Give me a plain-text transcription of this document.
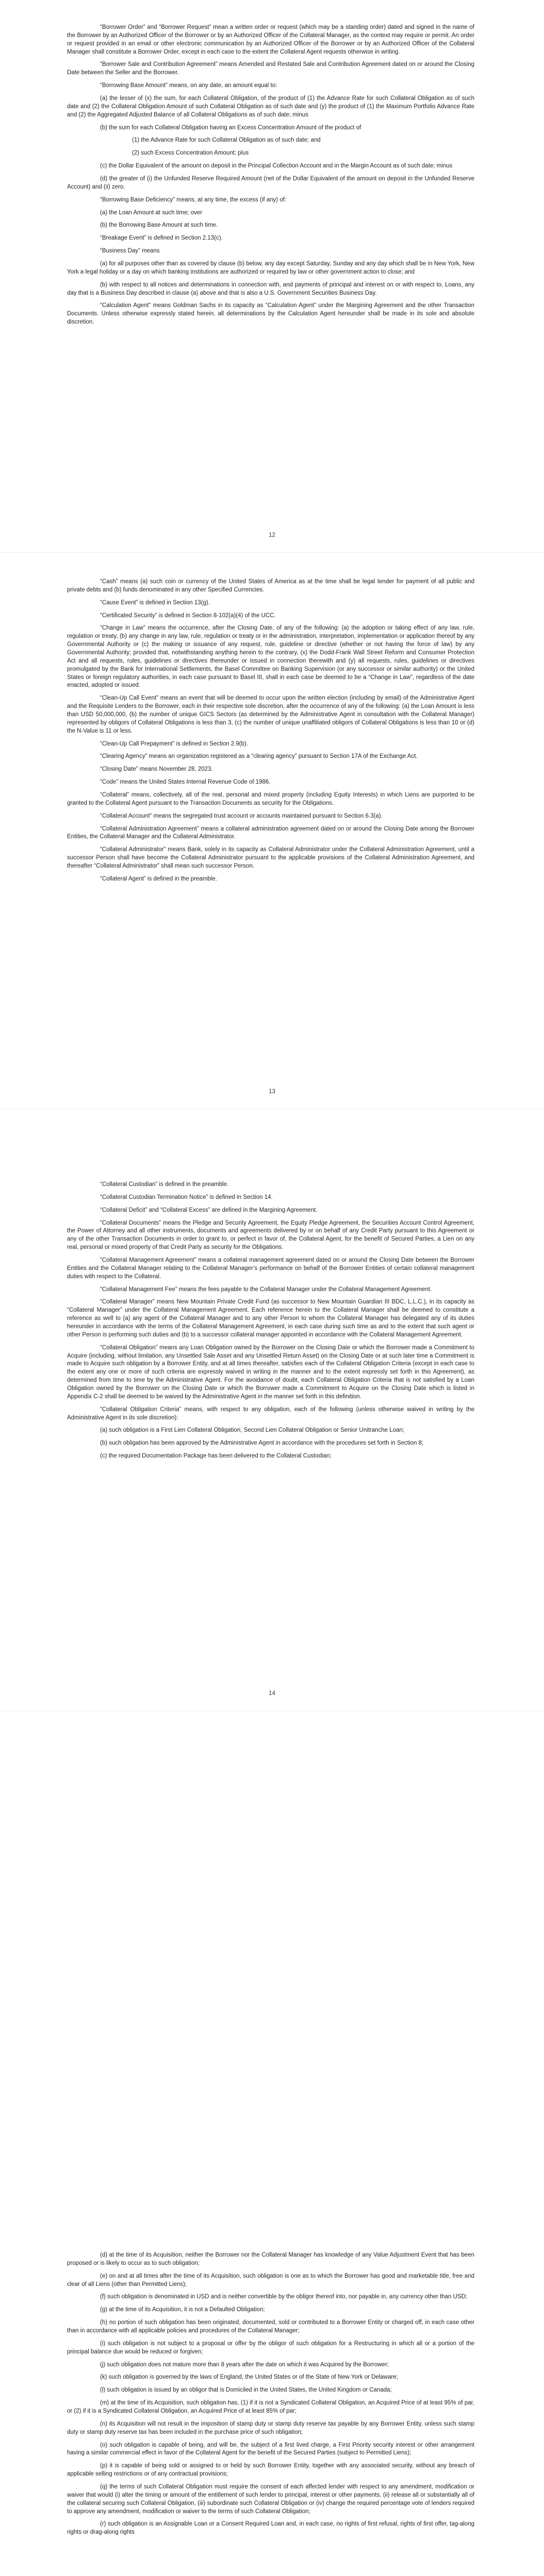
“Borrower Order” and “Borrower Request” mean a written order or request (which may be a standing order) dated and signed in the name of the Borrower by an Authorized Officer of the Borrower or by an Authorized Officer of the Collateral Manager, as the context may require or permit. An order or request provided in an email or other electronic communication by an Authorized Officer of the Borrower or by an Authorized Officer of the Collateral Manager shall constitute a Borrower Order, except in each case to the extent the Collateral Agent requests otherwise in writing.

“Borrower Sale and Contribution Agreement” means Amended and Restated Sale and Contribution Agreement dated on or around the Closing Date between the Seller and the Borrower.

“Borrowing Base Amount” means, on any date, an amount equal to:

(a) the lesser of (x) the sum, for each Collateral Obligation, of the product of (1) the Advance Rate for such Collateral Obligation as of such date and (2) the Collateral Obligation Amount of such Collateral Obligation as of such date and (y) the product of (1) the Maximum Portfolio Advance Rate and (2) the Aggregated Adjusted Balance of all Collateral Obligations as of such date; minus

(b) the sum for each Collateral Obligation having an Excess Concentration Amount of the product of

(1) the Advance Rate for such Collateral Obligation as of such date; and

(2) such Excess Concentration Amount; plus

(c) the Dollar Equivalent of the amount on deposit in the Principal Collection Account and in the Margin Account as of such date; minus

(d) the greater of (i) the Unfunded Reserve Required Amount (net of the Dollar Equivalent of the amount on deposit in the Unfunded Reserve Account) and (ii) zero.

“Borrowing Base Deficiency” means, at any time, the excess (if any) of:

(a) the Loan Amount at such time; over

(b) the Borrowing Base Amount at such time.

“Breakage Event” is defined in Section 2.13(c).

“Business Day” means

(a) for all purposes other than as covered by clause (b) below, any day except Saturday, Sunday and any day which shall be in New York, New York a legal holiday or a day on which banking institutions are authorized or required by law or other government action to close; and

(b) with respect to all notices and determinations in connection with, and payments of principal and interest on or with respect to, Loans, any day that is a Business Day described in clause (a) above and that is also a U.S. Government Securities Business Day.

“Calculation Agent” means Goldman Sachs in its capacity as “Calculation Agent” under the Margining Agreement and the other Transaction Documents. Unless otherwise expressly stated herein, all determinations by the Calculation Agent hereunder shall be made in its sole and absolute discretion.

12

“Cash” means (a) such coin or currency of the United States of America as at the time shall be legal tender for payment of all public and private debts and (b) funds denominated in any other Specified Currencies.

“Cause Event” is defined in Section 13(g).

“Certificated Security” is defined in Section 8-102(a)(4) of the UCC.

“Change in Law” means the occurrence, after the Closing Date, of any of the following: (a) the adoption or taking effect of any law, rule, regulation or treaty, (b) any change in any law, rule, regulation or treaty or in the administration, interpretation, implementation or application thereof by any Governmental Authority or (c) the making or issuance of any request, rule, guideline or directive (whether or not having the force of law) by any Governmental Authority; provided that, notwithstanding anything herein to the contrary, (x) the Dodd-Frank Wall Street Reform and Consumer Protection Act and all requests, rules, guidelines or directives thereunder or issued in connection therewith and (y) all requests, rules, guidelines or directives promulgated by the Bank for International Settlements, the Basel Committee on Banking Supervision (or any successor or similar authority) or the United States or foreign regulatory authorities, in each case pursuant to Basel III, shall in each case be deemed to be a “Change in Law”, regardless of the date enacted, adopted or issued.

“Clean-Up Call Event” means an event that will be deemed to occur upon the written election (including by email) of the Administrative Agent and the Requisite Lenders to the Borrower, each in their respective sole discretion, after the occurrence of any of the following: (a) the Loan Amount is less than USD 50,000,000, (b) the number of unique GICS Sectors (as determined by the Administrative Agent in consultation with the Collateral Manager) represented by obligors of Collateral Obligations is less than 3, (c) the number of unique unaffiliated obligors of Collateral Obligations is less than 10 or (d) the N-Value is 11 or less.

“Clean-Up Call Prepayment” is defined in Section 2.9(b).

“Clearing Agency” means an organization registered as a “clearing agency” pursuant to Section 17A of the Exchange Act.

“Closing Date” means November 28, 2023.

“Code” means the United States Internal Revenue Code of 1986.

“Collateral” means, collectively, all of the real, personal and mixed property (including Equity Interests) in which Liens are purported to be granted to the Collateral Agent pursuant to the Transaction Documents as security for the Obligations.

“Collateral Account” means the segregated trust account or accounts maintained pursuant to Section 6.3(a).

“Collateral Administration Agreement” means a collateral administration agreement dated on or around the Closing Date among the Borrower Entities, the Collateral Manager and the Collateral Administrator.

“Collateral Administrator” means Bank, solely in its capacity as Collateral Administrator under the Collateral Administration Agreement, until a successor Person shall have become the Collateral Administrator pursuant to the applicable provisions of the Collateral Administration Agreement, and thereafter “Collateral Administrator” shall mean such successor Person.

“Collateral Agent” is defined in the preamble.

13

“Collateral Custodian” is defined in the preamble.

“Collateral Custodian Termination Notice” is defined in Section 14.

“Collateral Deficit” and “Collateral Excess” are defined in the Margining Agreement.

“Collateral Documents” means the Pledge and Security Agreement, the Equity Pledge Agreement, the Securities Account Control Agreement, the Power of Attorney and all other instruments, documents and agreements delivered by or on behalf of any Credit Party pursuant to this Agreement or any of the other Transaction Documents in order to grant to, or perfect in favor of, the Collateral Agent, for the benefit of Secured Parties, a Lien on any real, personal or mixed property of that Credit Party as security for the Obligations.

“Collateral Management Agreement” means a collateral management agreement dated on or around the Closing Date between the Borrower Entities and the Collateral Manager relating to the Collateral Manager’s performance on behalf of the Borrower Entities of certain collateral management duties with respect to the Collateral.

“Collateral Management Fee” means the fees payable to the Collateral Manager under the Collateral Management Agreement.

“Collateral Manager” means New Mountain Private Credit Fund (as successor to New Mountain Guardian III BDC, L.L.C.), in its capacity as “Collateral Manager” under the Collateral Management Agreement. Each reference herein to the Collateral Manager shall be deemed to constitute a reference as well to (a) any agent of the Collateral Manager and to any other Person to whom the Collateral Manager has delegated any of its duties hereunder in accordance with the terms of the Collateral Management Agreement, in each case during such time as and to the extent that such agent or other Person is performing such duties and (b) to a successor collateral manager appointed in accordance with the Collateral Management Agreement.

“Collateral Obligation” means any Loan Obligation owned by the Borrower on the Closing Date or which the Borrower made a Commitment to Acquire (including, without limitation, any Unsettled Sale Asset and any Unsettled Return Asset) on the Closing Date or at such later time a Commitment is made to Acquire such obligation by a Borrower Entity, and at all times thereafter, satisfies each of the Collateral Obligation Criteria (except in each case to the extent any one or more of such criteria are expressly waived in writing in the manner and to the extent expressly set forth in this Agreement), as determined from time to time by the Administrative Agent. For the avoidance of doubt, each Collateral Obligation Criteria that is not satisfied by a Loan Obligation owned by the Borrower on the Closing Date or which the Borrower made a Commitment to Acquire on the Closing Date which is listed in Appendix C-2 shall be deemed to be waived by the Administrative Agent in the manner set forth in this definition.

“Collateral Obligation Criteria” means, with respect to any obligation, each of the following (unless otherwise waived in writing by the Administrative Agent in its sole discretion):

(a) such obligation is a First Lien Collateral Obligation, Second Lien Collateral Obligation or Senior Unitranche Loan;

(b) such obligation has been approved by the Administrative Agent in accordance with the procedures set forth in Section 8;

(c) the required Documentation Package has been delivered to the Collateral Custodian;

14

(d) at the time of its Acquisition, neither the Borrower nor the Collateral Manager has knowledge of any Value Adjustment Event that has been proposed or is likely to occur as to such obligation;

(e) on and at all times after the time of its Acquisition, such obligation is one as to which the Borrower has good and marketable title, free and clear of all Liens (other than Permitted Liens);

(f) such obligation is denominated in USD and is neither convertible by the obligor thereof into, nor payable in, any currency other than USD;

(g) at the time of its Acquisition, it is not a Defaulted Obligation;

(h) no portion of such obligation has been originated, documented, sold or contributed to a Borrower Entity or charged off, in each case other than in accordance with all applicable policies and procedures of the Collateral Manager;

(i) such obligation is not subject to a proposal or offer by the obligor of such obligation for a Restructuring in which all or a portion of the principal balance due would be reduced or forgiven;

(j) such obligation does not mature more than 8 years after the date on which it was Acquired by the Borrower;

(k) such obligation is governed by the laws of England, the United States or of the State of New York or Delaware;

(l) such obligation is issued by an obligor that is Domiciled in the United States, the United Kingdom or Canada;

(m) at the time of its Acquisition, such obligation has, (1) if it is not a Syndicated Collateral Obligation, an Acquired Price of at least 95% of par, or (2) if it is a Syndicated Collateral Obligation, an Acquired Price of at least 85% of par;

(n) its Acquisition will not result in the imposition of stamp duty or stamp duty reserve tax payable by any Borrower Entity, unless such stamp duty or stamp duty reserve tax has been included in the purchase price of such obligation;

(o) such obligation is capable of being, and will be, the subject of a first lived charge, a First Priority security interest or other arrangement having a similar commercial effect in favor of the Collateral Agent for the benefit of the Secured Parties (subject to Permitted Liens);

(p) it is capable of being sold or assigned to or held by such Borrower Entity, together with any associated security, without any breach of applicable selling restrictions or of any contractual provisions;

(q) the terms of such Collateral Obligation must require the consent of each affected lender with respect to any amendment, modification or waiver that would (i) alter the timing or amount of the entitlement of such lender to principal, interest or other payments, (ii) release all or substantially all of the collateral securing such Collateral Obligation, (iii) subordinate such Collateral Obligation or (iv) change the required percentage vote of lenders required to approve any amendment, modification or waiver to the terms of such Collateral Obligation;

(r) such obligation is an Assignable Loan or a Consent Required Loan and, in each case, no rights of first refusal, rights of first offer, tag-along rights or drag-along rights
